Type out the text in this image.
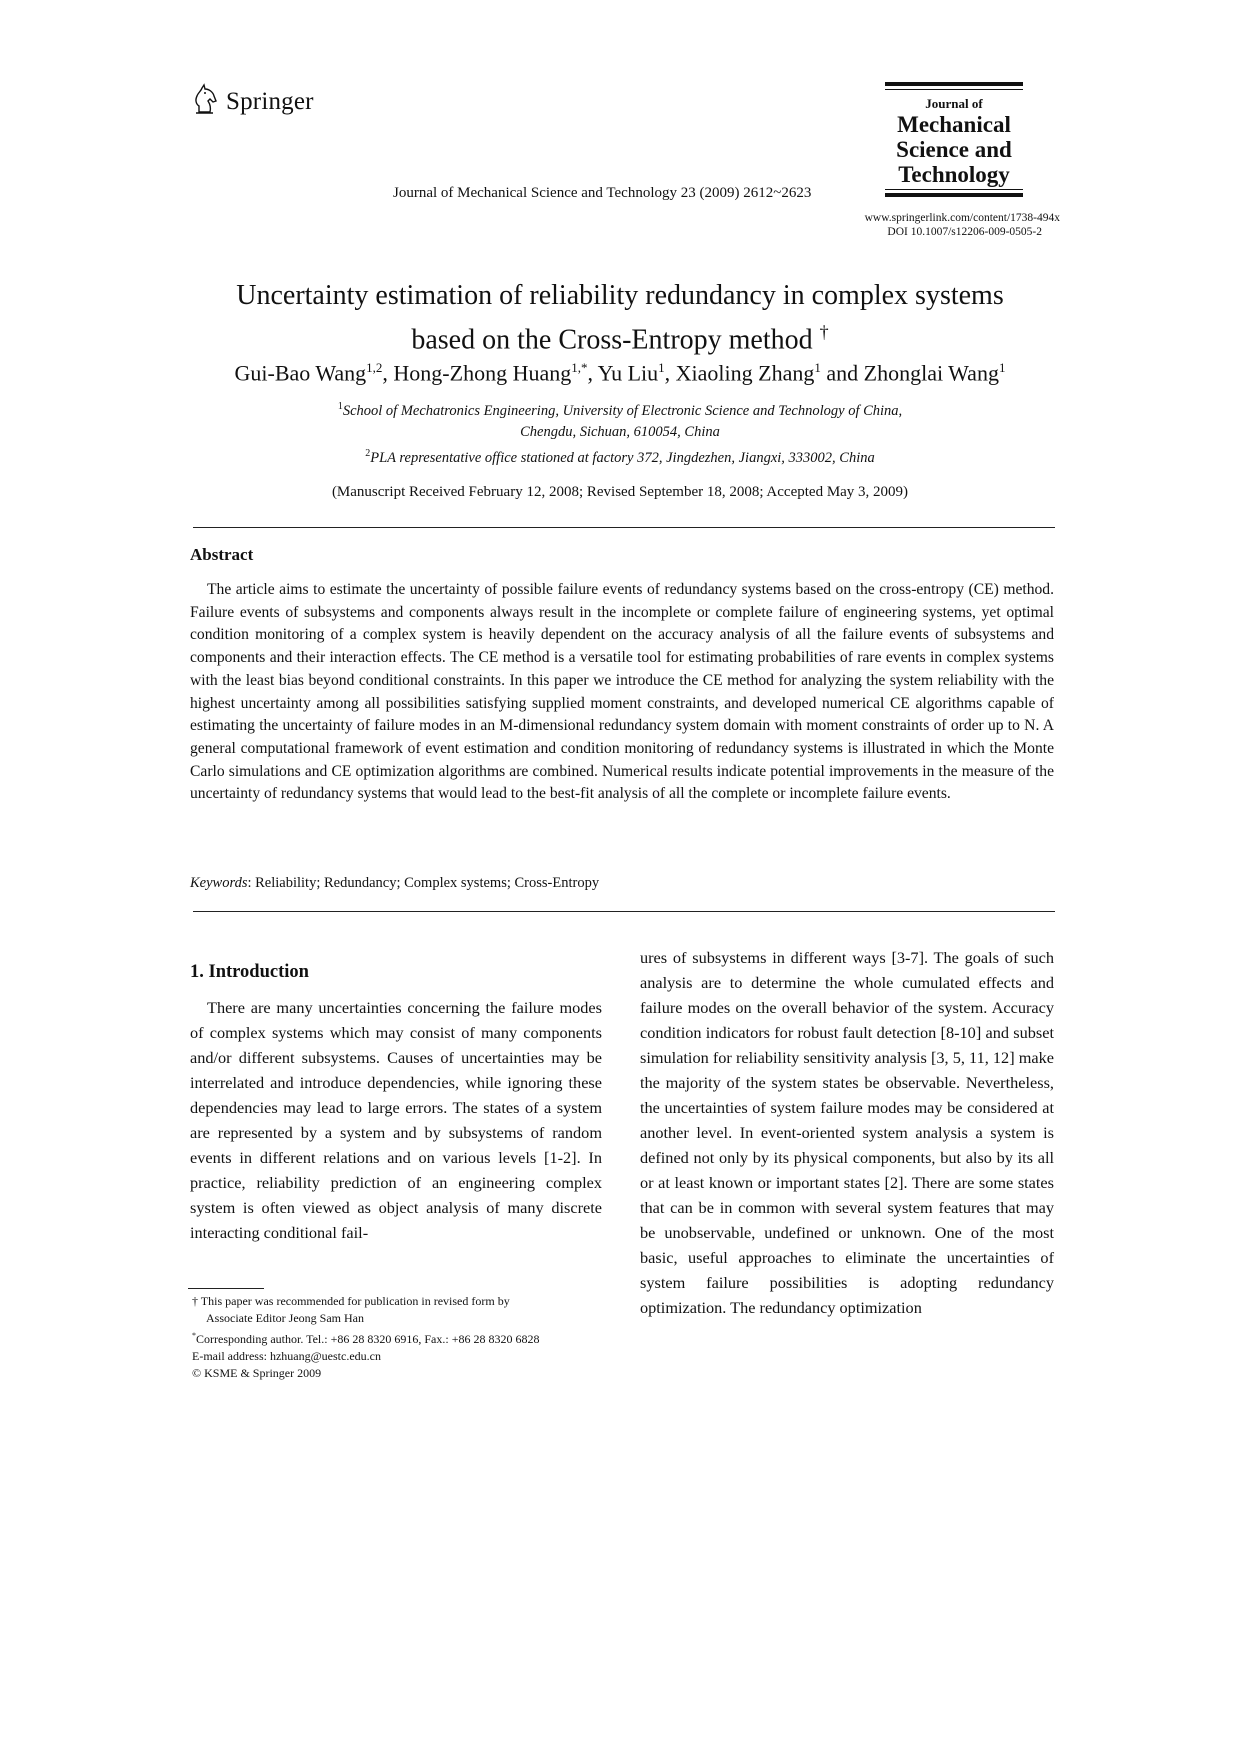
Springer	Journal of
Mechanical
Science and
Technology
Journal of Mechanical Science and Technology 23 (2009) 2612~2623
www.springerlink.com/content/1738-494x
DOI 10.1007/s12206-009-0505-2
Uncertainty estimation of reliability redundancy in complex systems
based on the Cross-Entropy method †
Gui-Bao Wang$^{1,2}$, Hong-Zhong Huang$^{1,*}$, Yu Liu$^1$, Xiaoling Zhang$^1$ and Zhonglai Wang$^1$
$^1$School of Mechatronics Engineering, University of Electronic Science and Technology of China,
Chengdu, Sichuan, 610054, China
$^2$PLA representative office stationed at factory 372, Jingdezhen, Jiangxi, 333002, China
(Manuscript Received February 12, 2008; Revised September 18, 2008; Accepted May 3, 2009)
Abstract

The article aims to estimate the uncertainty of possible failure events of redundancy systems based on the cross-entropy (CE) method. Failure events of subsystems and components always result in the incomplete or complete failure of engineering systems, yet optimal condition monitoring of a complex system is heavily dependent on the accuracy analysis of all the failure events of subsystems and components and their interaction effects. The CE method is a versatile tool for estimating probabilities of rare events in complex systems with the least bias beyond conditional constraints. In this paper we introduce the CE method for analyzing the system reliability with the highest uncertainty among all possibilities satisfying supplied moment constraints, and developed numerical CE algorithms capable of estimating the uncertainty of failure modes in an M-dimensional redundancy system domain with moment constraints of order up to N. A general computational framework of event estimation and condition monitoring of redundancy systems is illustrated in which the Monte Carlo simulations and CE optimization algorithms are combined. Numerical results indicate potential improvements in the measure of the uncertainty of redundancy systems that would lead to the best-fit analysis of all the complete or incomplete failure events.

Keywords: Reliability; Redundancy; Complex systems; Cross-Entropy
1. Introduction

There are many uncertainties concerning the failure modes of complex systems which may consist of many components and/or different subsystems. Causes of uncertainties may be interrelated and introduce dependencies, while ignoring these dependencies may lead to large errors. The states of a system are represented by a system and by subsystems of random events in different relations and on various levels [1-2]. In practice, reliability prediction of an engineering complex system is often viewed as object analysis of many discrete interacting conditional fail-

ures of subsystems in different ways [3-7]. The goals of such analysis are to determine the whole cumulated effects and failure modes on the overall behavior of the system. Accuracy condition indicators for robust fault detection [8-10] and subset simulation for reliability sensitivity analysis [3, 5, 11, 12] make the majority of the system states be observable. Nevertheless, the uncertainties of system failure modes may be considered at another level. In event-oriented system analysis a system is defined not only by its physical components, but also by its all or at least known or important states [2]. There are some states that can be in common with several system features that may be unobservable, undefined or unknown. One of the most basic, useful approaches to eliminate the uncertainties of system failure possibilities is adopting redundancy optimization. The redundancy optimization

† This paper was recommended for publication in revised form by
Associate Editor Jeong Sam Han
*Corresponding author. Tel.: +86 28 8320 6916, Fax.: +86 28 8320 6828
E-mail address: hzhuang@uestc.edu.cn
© KSME & Springer 2009
